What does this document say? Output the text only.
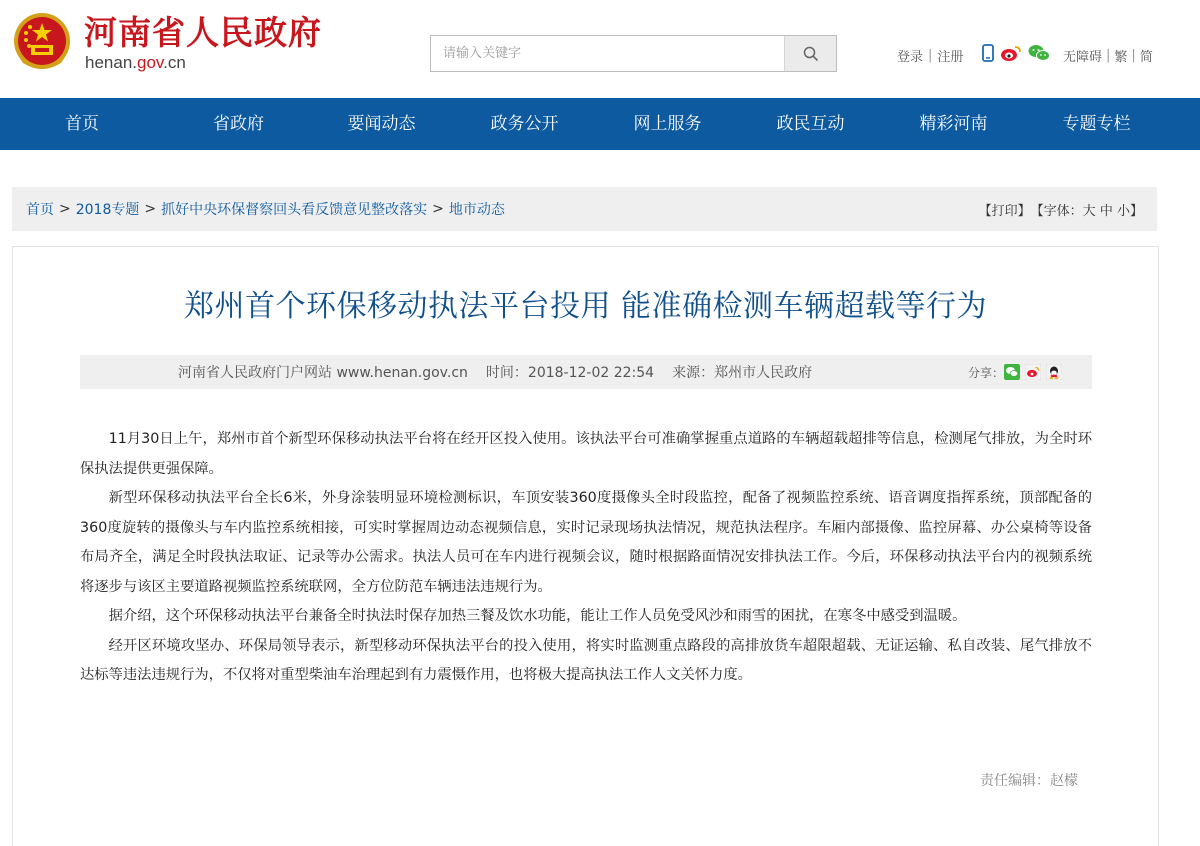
河南省人民政府
henan.gov.cn
请输入关键字	登录 | 注册	无障碍 | 繁 | 简
首页	省政府	要闻动态	政务公开	网上服务	政民互动	精彩河南	专题专栏
首页 > 2018专题 > 抓好中央环保督察回头看反馈意见整改落实 > 地市动态	【打印】 【字体： 大
中
小 】
郑州首个环保移动执法平台投用 能准确检测车辆超载等行为
河南省人民政府门户网站 www.henan.gov.cn 时间：2018-12-02 22:54 来源：郑州市人民政府	分享：

11月30日上午，郑州市首个新型环保移动执法平台将在经开区投入使用。该执法平台可准确掌握重点道路的车辆超载超排等信息，检测尾气排放，为全时环保执法提供更强保障。

新型环保移动执法平台全长6米，外身涂装明显环境检测标识，车顶安装360度摄像头全时段监控，配备了视频监控系统、语音调度指挥系统，顶部配备的360度旋转的摄像头与车内监控系统相接，可实时掌握周边动态视频信息，实时记录现场执法情况，规范执法程序。车厢内部摄像、监控屏幕、办公桌椅等设备布局齐全，满足全时段执法取证、记录等办公需求。执法人员可在车内进行视频会议，随时根据路面情况安排执法工作。今后，环保移动执法平台内的视频系统将逐步与该区主要道路视频监控系统联网，全方位防范车辆违法违规行为。

据介绍，这个环保移动执法平台兼备全时执法时保存加热三餐及饮水功能，能让工作人员免受风沙和雨雪的困扰，在寒冬中感受到温暖。

经开区环境攻坚办、环保局领导表示，新型移动环保执法平台的投入使用，将实时监测重点路段的高排放货车超限超载、无证运输、私自改装、尾气排放不达标等违法违规行为，不仅将对重型柴油车治理起到有力震慑作用，也将极大提高执法工作人文关怀力度。

责任编辑：赵檬
